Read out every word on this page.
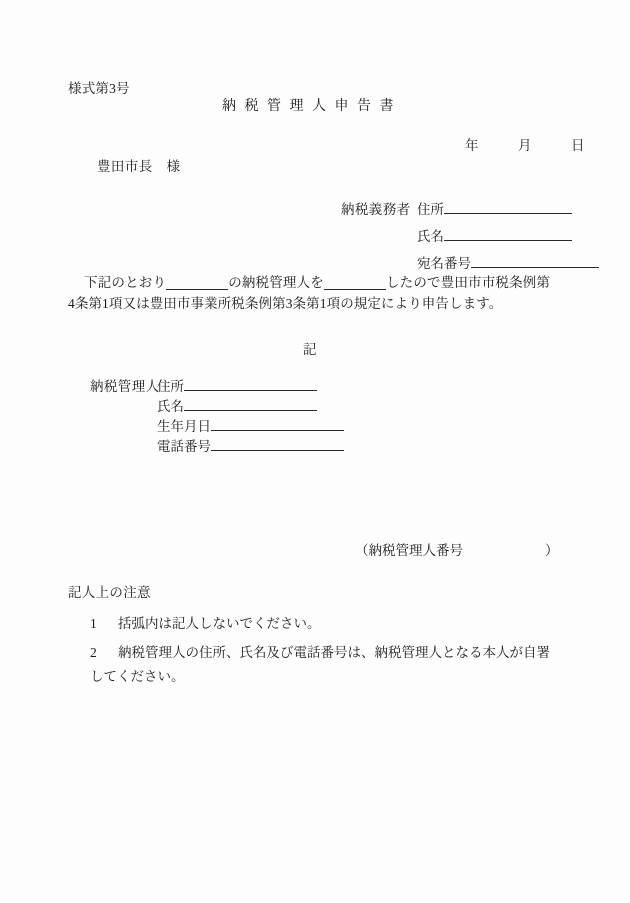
様式第3号
納税管理人申告書
年　月　日
豊田市長　様
納税義務者 住所
氏名
宛名番号
下記のとおり	の納税管理人を	したので豊田市市税条例第4条第1項又は豊田市事業所税条例第3条第1項の規定により申告します。
記
納税管理人
住所
氏名
生年月日
電話番号
（納税管理人番号	）
記人上の注意
1 括弧内は記人しないでください。
2 納税管理人の住所、氏名及び電話番号は、納税管理人となる本人が自署してください。
